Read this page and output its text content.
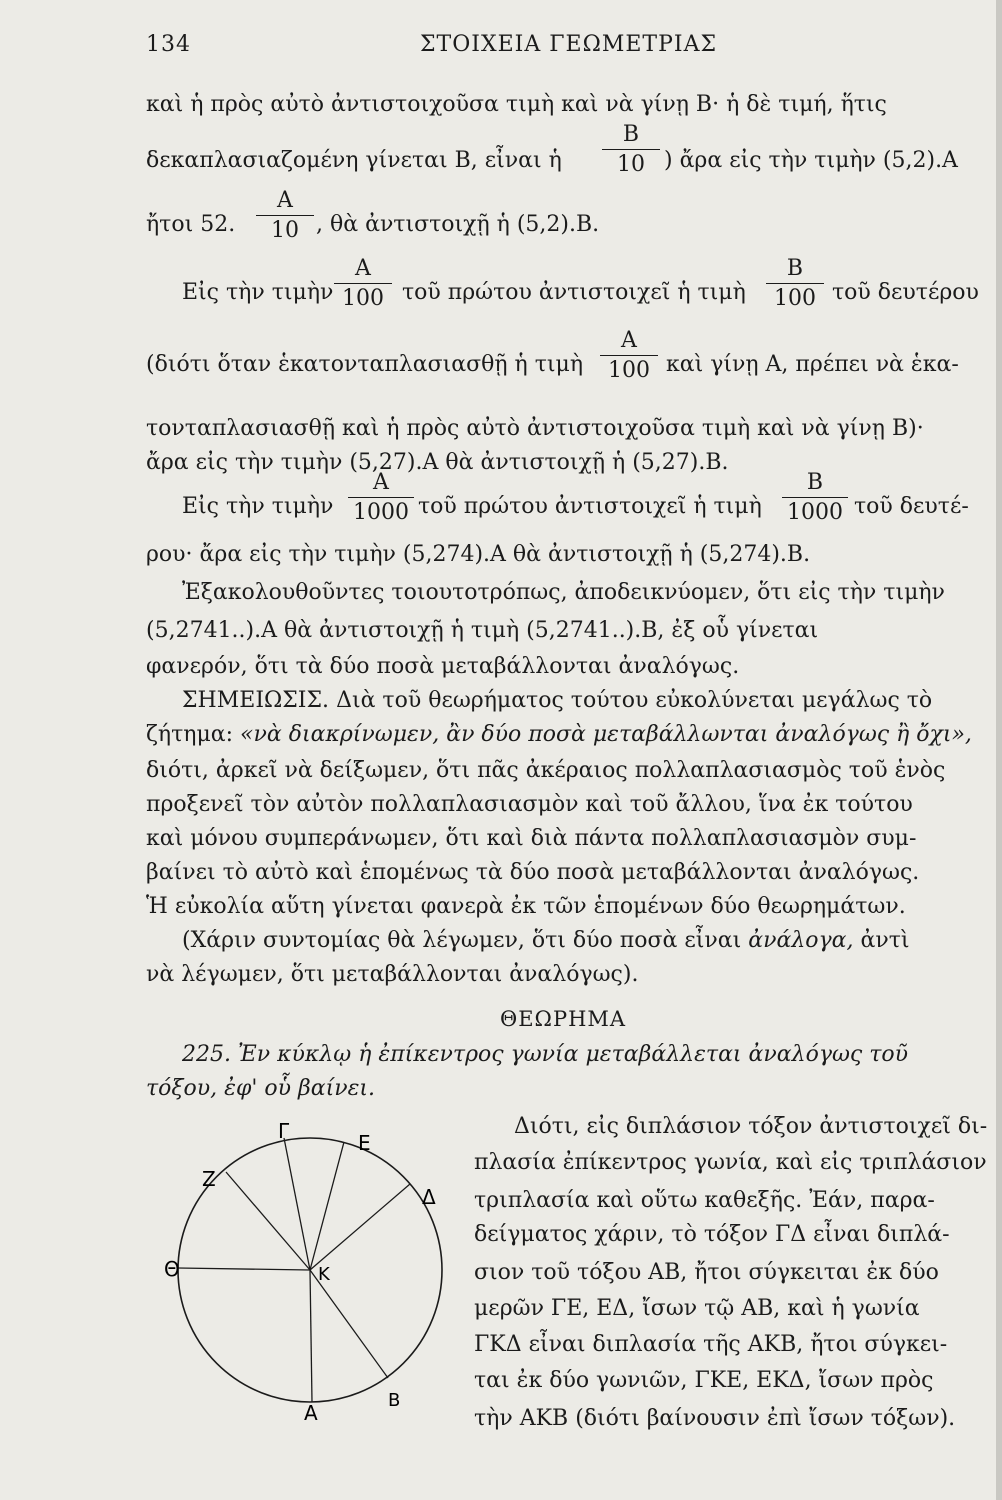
134	ΣΤΟΙΧΕΙΑ ΓΕΩΜΕΤΡΙΑΣ
καὶ ἡ πρὸς αὐτὸ ἀντιστοιχοῦσα τιμὴ καὶ νὰ γίνῃ B· ἡ δὲ τιμή, ἥτις
δεκαπλασιαζομένη γίνεται B, εἶναι ἡ
B
10 ) ἄρα εἰς τὴν τιμὴν (5,2).A
ἤτοι 52.
A
10 , θὰ ἀντιστοιχῇ ἡ (5,2).B.
Εἰς τὴν τιμὴν
A
100 τοῦ πρώτου ἀντιστοιχεῖ ἡ τιμὴ
B
100 τοῦ δευτέρου
(διότι ὅταν ἑκατονταπλασιασθῇ ἡ τιμὴ
A
100 καὶ γίνῃ A, πρέπει νὰ ἑκα-
τονταπλασιασθῇ καὶ ἡ πρὸς αὐτὸ ἀντιστοιχοῦσα τιμὴ καὶ νὰ γίνῃ B)·
ἄρα εἰς τὴν τιμὴν (5,27).A θὰ ἀντιστοιχῇ ἡ (5,27).B.
Εἰς τὴν τιμὴν
A
1000 τοῦ πρώτου ἀντιστοιχεῖ ἡ τιμὴ
B
1000 τοῦ δευτέ-
ρου· ἄρα εἰς τὴν τιμὴν (5,274).A θὰ ἀντιστοιχῇ ἡ (5,274).B.
Ἐξακολουθοῦντες τοιουτοτρόπως, ἀποδεικνύομεν, ὅτι εἰς τὴν τιμὴν
(5,2741..).A θὰ ἀντιστοιχῇ ἡ τιμὴ (5,2741..).B, ἐξ οὗ γίνεται
φανερόν, ὅτι τὰ δύο ποσὰ μεταβάλλονται ἀναλόγως.
ΣΗΜΕΙΩΣΙΣ. Διὰ τοῦ θεωρήματος τούτου εὐκολύνεται μεγάλως τὸ
ζήτημα: «νὰ διακρίνωμεν, ἂν δύο ποσὰ μεταβάλλωνται ἀναλόγως ἢ ὄχι»,
διότι, ἀρκεῖ νὰ δείξωμεν, ὅτι πᾶς ἀκέραιος πολλαπλασιασμὸς τοῦ ἑνὸς
προξενεῖ τὸν αὐτὸν πολλαπλασιασμὸν καὶ τοῦ ἄλλου, ἵνα ἐκ τούτου
καὶ μόνου συμπεράνωμεν, ὅτι καὶ διὰ πάντα πολλαπλασιασμὸν συμ-
βαίνει τὸ αὐτὸ καὶ ἑπομένως τὰ δύο ποσὰ μεταβάλλονται ἀναλόγως.
Ἡ εὐκολία αὕτη γίνεται φανερὰ ἐκ τῶν ἑπομένων δύο θεωρημάτων.
(Χάριν συντομίας θὰ λέγωμεν, ὅτι δύο ποσὰ εἶναι ἀνάλογα, ἀντὶ
νὰ λέγωμεν, ὅτι μεταβάλλονται ἀναλόγως).
ΘΕΩΡΗΜΑ
225. Ἐν κύκλῳ ἡ ἐπίκεντρος γωνία μεταβάλλεται ἀναλόγως τοῦ
τόξου, ἐφ' οὗ βαίνει.
Διότι, εἰς διπλάσιον τόξον ἀντιστοιχεῖ δι-
πλασία ἐπίκεντρος γωνία, καὶ εἰς τριπλάσιον
τριπλασία καὶ οὕτω καθεξῆς. Ἐάν, παρα-
δείγματος χάριν, τὸ τόξον ΓΔ εἶναι διπλά-
σιον τοῦ τόξου AB, ἤτοι σύγκειται ἐκ δύο
μερῶν ΓΕ, ΕΔ, ἴσων τῷ AB, καὶ ἡ γωνία
ΓΚΔ εἶναι διπλασία τῆς AKB, ἤτοι σύγκει-
ται ἐκ δύο γωνιῶν, ΓΚΕ, ΕΚΔ, ἴσων πρὸς
τὴν AKB (διότι βαίνουσιν ἐπὶ ἴσων τόξων).
Γ	E
Z
Δ
Θ	K
B
A
